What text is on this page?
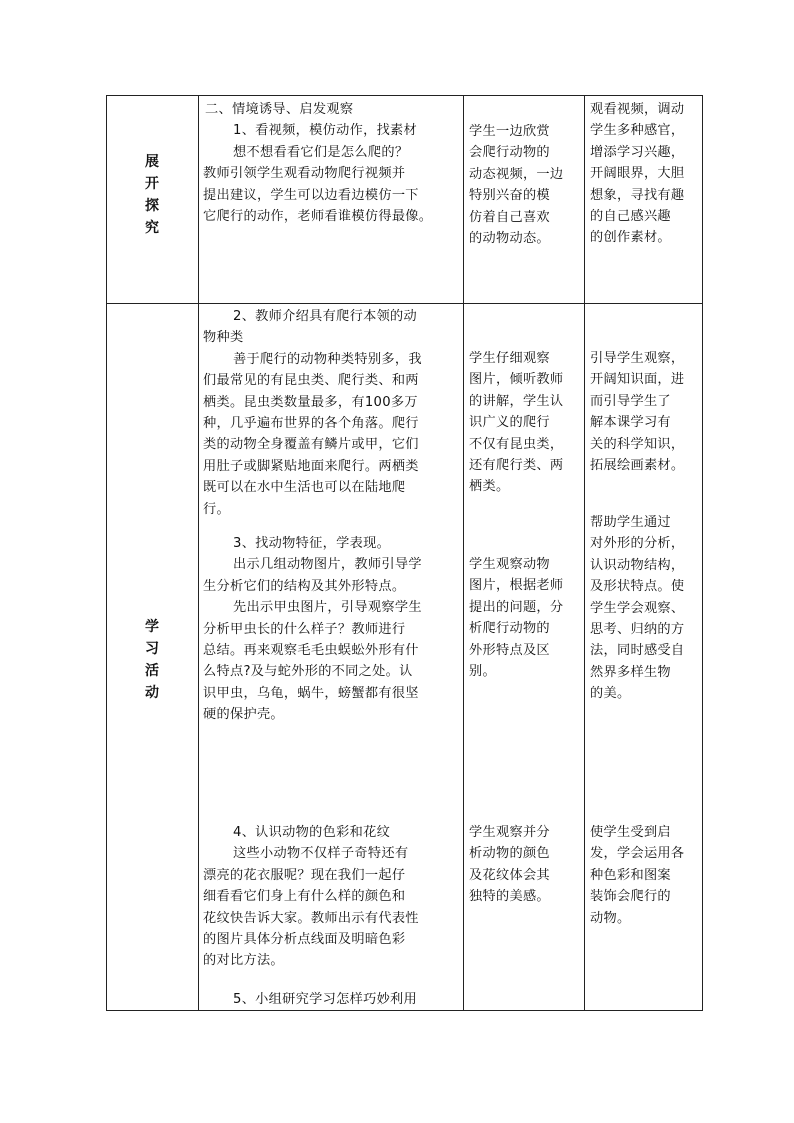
展
开
探
究
二、情境诱导、启发观察
1、看视频，模仿动作，找素材
想不想看看它们是怎么爬的？
教师引领学生观看动物爬行视频并
提出建议，学生可以边看边模仿一下
它爬行的动作，老师看谁模仿得最像。
学生一边欣赏
会爬行动物的
动态视频，一边
特别兴奋的模
仿着自己喜欢
的动物动态。
观看视频，调动
学生多种感官，
增添学习兴趣，
开阔眼界，大胆
想象，寻找有趣
的自己感兴趣
的创作素材。
学
习
活
动
2、教师介绍具有爬行本领的动
物种类
善于爬行的动物种类特别多，我
们最常见的有昆虫类、爬行类、和两
栖类。昆虫类数量最多，有100多万
种，几乎遍布世界的各个角落。爬行
类的动物全身覆盖有鳞片或甲，它们
用肚子或脚紧贴地面来爬行。两栖类
既可以在水中生活也可以在陆地爬
行。
3、找动物特征，学表现。
出示几组动物图片，教师引导学
生分析它们的结构及其外形特点。
先出示甲虫图片，引导观察学生
分析甲虫长的什么样子？教师进行
总结。再来观察毛毛虫蜈蚣外形有什
么特点?及与蛇外形的不同之处。认
识甲虫，乌龟，蜗牛，螃蟹都有很坚
硬的保护壳。
4、认识动物的色彩和花纹
这些小动物不仅样子奇特还有
漂亮的花衣服呢？现在我们一起仔
细看看它们身上有什么样的颜色和
花纹快告诉大家。教师出示有代表性
的图片具体分析点线面及明暗色彩
的对比方法。
5、小组研究学习怎样巧妙利用
学生仔细观察
图片，倾听教师
的讲解，学生认
识广义的爬行
不仅有昆虫类，
还有爬行类、两
栖类。
学生观察动物
图片，根据老师
提出的问题，分
析爬行动物的
外形特点及区
别。
学生观察并分
析动物的颜色
及花纹体会其
独特的美感。
引导学生观察，
开阔知识面，进
而引导学生了
解本课学习有
关的科学知识，
拓展绘画素材。
帮助学生通过
对外形的分析，
认识动物结构，
及形状特点。使
学生学会观察、
思考、归纳的方
法，同时感受自
然界多样生物
的美。
使学生受到启
发，学会运用各
种色彩和图案
装饰会爬行的
动物。
